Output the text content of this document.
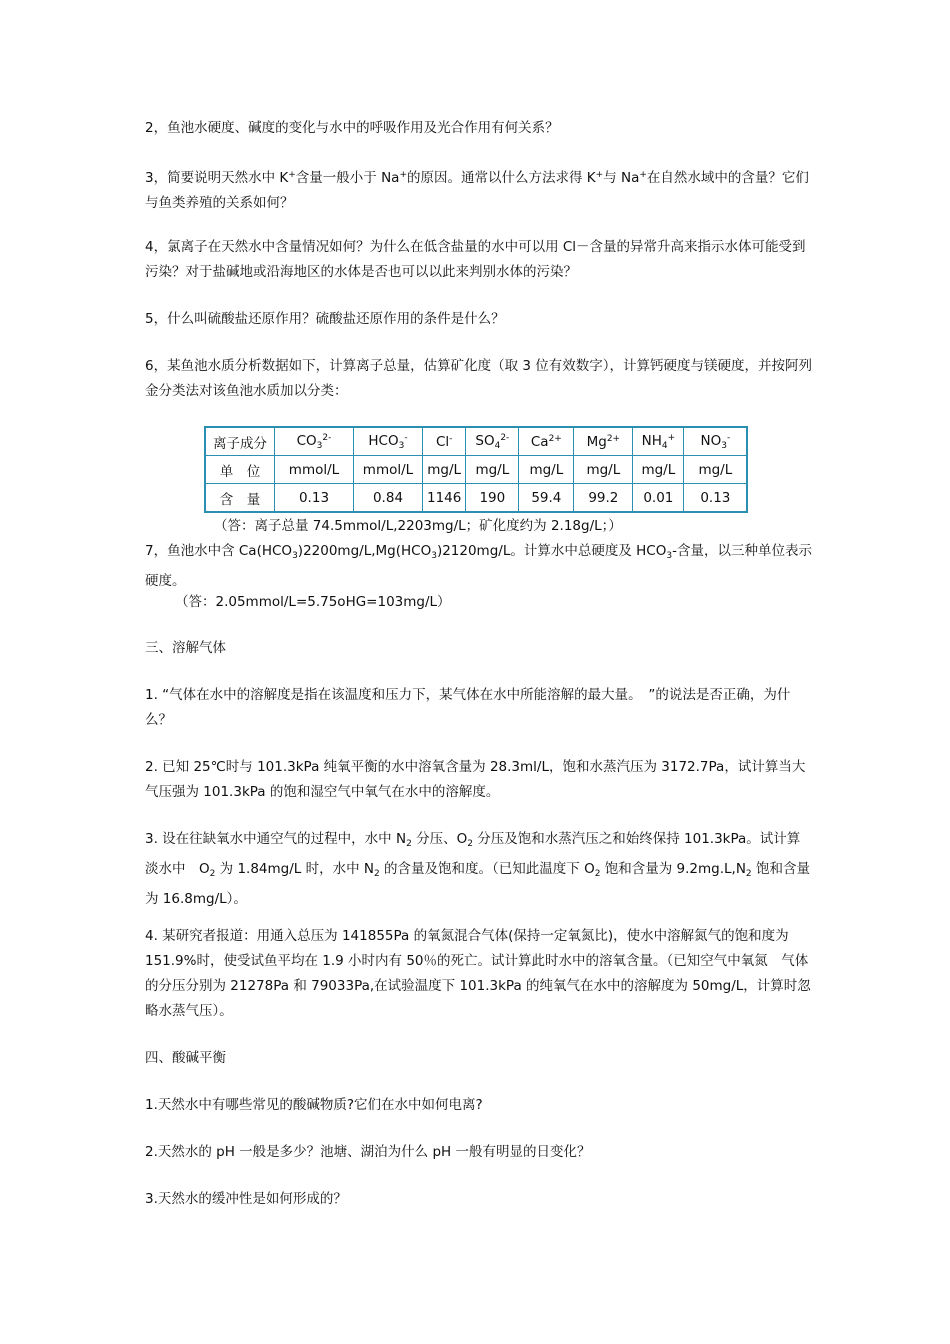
2，鱼池水硬度、碱度的变化与水中的呼吸作用及光合作用有何关系？

3，简要说明天然水中 K+含量一般小于 Na+的原因。通常以什么方法求得 K+与 Na+在自然水域中的含量？它们与鱼类养殖的关系如何？

4，氯离子在天然水中含量情况如何？为什么在低含盐量的水中可以用 Cl－含量的异常升高来指示水体可能受到污染？对于盐碱地或沿海地区的水体是否也可以以此来判别水体的污染？

5，什么叫硫酸盐还原作用？硫酸盐还原作用的条件是什么？

6，某鱼池水质分析数据如下，计算离子总量，估算矿化度（取 3 位有效数字），计算钙硬度与镁硬度，并按阿列金分类法对该鱼池水质加以分类：

离子成分	$CO_3^{2-}$	$HCO_3^-$	Cl-	$SO_4^{2-}$	$Ca^{2+}$	$Mg^{2+}$	$NH_4^+$	$NO_3^-$
单　位	mmol/L	mmol/L	mg/L	mg/L	mg/L	mg/L	mg/L	mg/L
含　量	0.13	0.84	1146	190	59.4	99.2	0.01	0.13

（答：离子总量 74.5mmol/L,2203mg/L；矿化度约为 2.18g/L；）

7，鱼池水中含 $Ca(HCO_3)2200mg/L,Mg(HCO_3)2120mg/L$。计算水中总硬度及 $HCO_3-$含量，以三种单位表示硬度。

（答：2.05mmol/L=5.75oHG=103mg/L）

三、溶解气体

1. “气体在水中的溶解度是指在该温度和压力下，某气体在水中所能溶解的最大量。　”的说法是否正确，为什么？

2. 已知 25℃时与 101.3kPa 纯氧平衡的水中溶氧含量为 28.3ml/L，饱和水蒸汽压为 3172.7Pa，试计算当大气压强为 101.3kPa 的饱和湿空气中氧气在水中的溶解度。

3. 设在往缺氧水中通空气的过程中，水中 $N_2$ 分压、$O_2$ 分压及饱和水蒸汽压之和始终保持 101.3kPa。试计算淡水中　$O_2$ 为 1.84mg/L 时，水中 $N_2$ 的含量及饱和度。（已知此温度下 $O_2$ 饱和含量为 $9.2mg.L,N_2$ 饱和含量为 16.8mg/L）。

4. 某研究者报道：用通入总压为 141855Pa 的氧氮混合气体(保持一定氧氮比)，使水中溶解氮气的饱和度为 151.9%时，使受试鱼平均在 1.9 小时内有 50％的死亡。试计算此时水中的溶氧含量。（已知空气中氧氮　气体的分压分别为 21278Pa 和 79033Pa,在试验温度下 101.3kPa 的纯氧气在水中的溶解度为 50mg/L，计算时忽略水蒸气压）。

四、酸碱平衡

1.天然水中有哪些常见的酸碱物质?它们在水中如何电离?

2.天然水的 pH 一般是多少？池塘、湖泊为什么 pH 一般有明显的日变化？

3.天然水的缓冲性是如何形成的？
